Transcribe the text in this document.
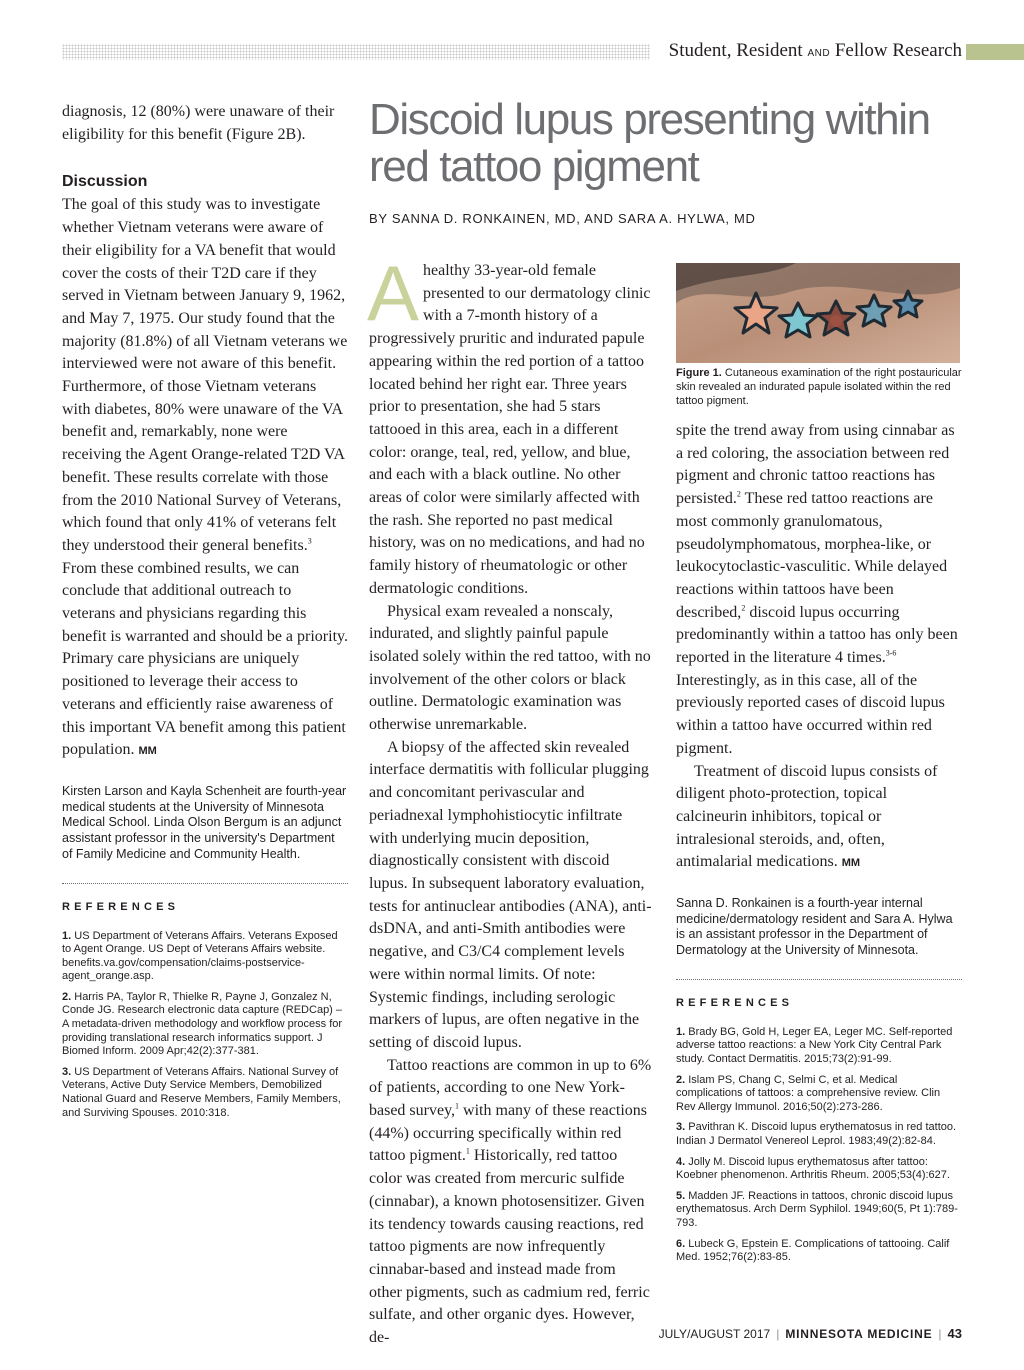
Student, Resident AND Fellow Research

diagnosis, 12 (80%) were unaware of their eligibility for this benefit (Figure 2B).

Discussion

The goal of this study was to investigate whether Vietnam veterans were aware of their eligibility for a VA benefit that would cover the costs of their T2D care if they served in Vietnam between January 9, 1962, and May 7, 1975. Our study found that the majority (81.8%) of all Vietnam veterans we interviewed were not aware of this benefit. Furthermore, of those Vietnam veterans with diabetes, 80% were unaware of the VA benefit and, remarkably, none were receiving the Agent Orange-related T2D VA benefit. These results correlate with those from the 2010 National Survey of Veterans, which found that only 41% of veterans felt they understood their general benefits.$^3$ From these combined results, we can conclude that additional outreach to veterans and physicians regarding this benefit is warranted and should be a priority. Primary care physicians are uniquely positioned to leverage their access to veterans and efficiently raise awareness of this important VA benefit among this patient population. MM

Kirsten Larson and Kayla Schenheit are fourth-year medical students at the University of Minnesota Medical School. Linda Olson Bergum is an adjunct assistant professor in the university's Department of Family Medicine and Community Health.
REFERENCES
1. US Department of Veterans Affairs. Veterans Exposed to Agent Orange. US Dept of Veterans Affairs website. benefits.va.gov/compensation/claims-postservice-agent_orange.asp.
2. Harris PA, Taylor R, Thielke R, Payne J, Gonzalez N, Conde JG. Research electronic data capture (REDCap) – A metadata-driven methodology and workflow process for providing translational research informatics support. J Biomed Inform. 2009 Apr;42(2):377-381.
3. US Department of Veterans Affairs. National Survey of Veterans, Active Duty Service Members, Demobilized National Guard and Reserve Members, Family Members, and Surviving Spouses. 2010:318.
Discoid lupus presenting within red tattoo pigment
BY SANNA D. RONKAINEN, MD, AND SARA A. HYLWA, MD

A healthy 33-year-old female presented to our dermatology clinic with a 7-month history of a progressively pruritic and indurated papule appearing within the red portion of a tattoo located behind her right ear. Three years prior to presentation, she had 5 stars tattooed in this area, each in a different color: orange, teal, red, yellow, and blue, and each with a black outline. No other areas of color were similarly affected with the rash. She reported no past medical history, was on no medications, and had no family history of rheumatologic or other dermatologic conditions.

Physical exam revealed a nonscaly, indurated, and slightly painful papule isolated solely within the red tattoo, with no involvement of the other colors or black outline. Dermatologic examination was otherwise unremarkable.

A biopsy of the affected skin revealed interface dermatitis with follicular plugging and concomitant perivascular and periadnexal lymphohistiocytic infiltrate with underlying mucin deposition, diagnostically consistent with discoid lupus. In subsequent laboratory evaluation, tests for antinuclear antibodies (ANA), anti-dsDNA, and anti-Smith antibodies were negative, and C3/C4 complement levels were within normal limits. Of note: Systemic findings, including serologic markers of lupus, are often negative in the setting of discoid lupus.

Tattoo reactions are common in up to 6% of patients, according to one New York-based survey,$^1$ with many of these reactions (44%) occurring specifically within red tattoo pigment.$^1$ Historically, red tattoo color was created from mercuric sulfide (cinnabar), a known photosensitizer. Given its tendency towards causing reactions, red tattoo pigments are now infrequently cinnabar-based and instead made from other pigments, such as cadmium red, ferric sulfate, and other organic dyes. However, de-

Figure 1. Cutaneous examination of the right postauricular skin revealed an indurated papule isolated within the red tattoo pigment.

spite the trend away from using cinnabar as a red coloring, the association between red pigment and chronic tattoo reactions has persisted.$^2$ These red tattoo reactions are most commonly granulomatous, pseudolymphomatous, morphea-like, or leukocytoclastic-vasculitic. While delayed reactions within tattoos have been described,$^2$ discoid lupus occurring predominantly within a tattoo has only been reported in the literature 4 times.$^{3-6}$ Interestingly, as in this case, all of the previously reported cases of discoid lupus within a tattoo have occurred within red pigment.

Treatment of discoid lupus consists of diligent photo-protection, topical calcineurin inhibitors, topical or intralesional steroids, and, often, antimalarial medications. MM

Sanna D. Ronkainen is a fourth-year internal medicine/dermatology resident and Sara A. Hylwa is an assistant professor in the Department of Dermatology at the University of Minnesota.
REFERENCES
1. Brady BG, Gold H, Leger EA, Leger MC. Self-reported adverse tattoo reactions: a New York City Central Park study. Contact Dermatitis. 2015;73(2):91-99.
2. Islam PS, Chang C, Selmi C, et al. Medical complications of tattoos: a comprehensive review. Clin Rev Allergy Immunol. 2016;50(2):273-286.
3. Pavithran K. Discoid lupus erythematosus in red tattoo. Indian J Dermatol Venereol Leprol. 1983;49(2):82-84.
4. Jolly M. Discoid lupus erythematosus after tattoo: Koebner phenomenon. Arthritis Rheum. 2005;53(4):627.
5. Madden JF. Reactions in tattoos, chronic discoid lupus erythematosus. Arch Derm Syphilol. 1949;60(5, Pt 1):789-793.
6. Lubeck G, Epstein E. Complications of tattooing. Calif Med. 1952;76(2):83-85.
JULY/AUGUST 2017 | MINNESOTA MEDICINE | 43
